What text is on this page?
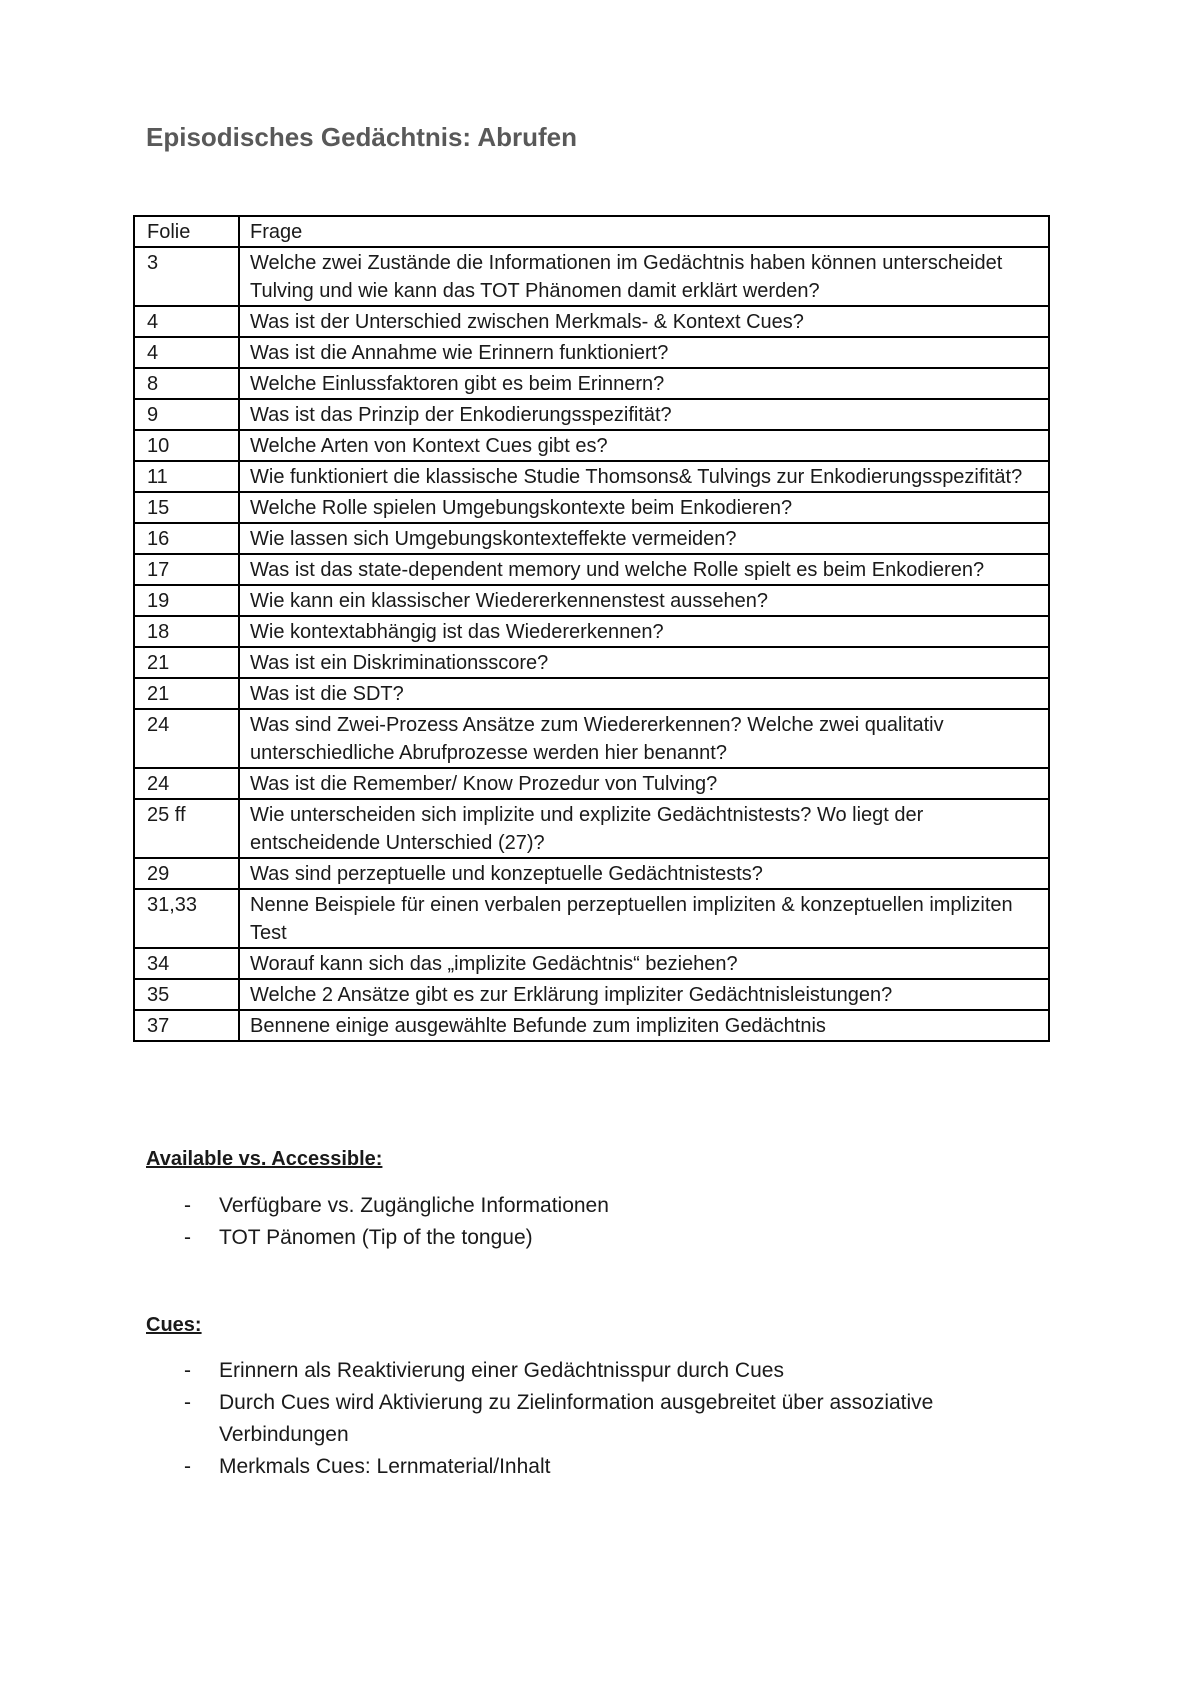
Episodisches Gedächtnis: Abrufen
Folie	Frage
3	Welche zwei Zustände die Informationen im Gedächtnis haben können unterscheidet Tulving und wie kann das TOT Phänomen damit erklärt werden?
4	Was ist der Unterschied zwischen Merkmals- & Kontext Cues?
4	Was ist die Annahme wie Erinnern funktioniert?
8	Welche Einlussfaktoren gibt es beim Erinnern?
9	Was ist das Prinzip der Enkodierungsspezifität?
10	Welche Arten von Kontext Cues gibt es?
11	Wie funktioniert die klassische Studie Thomsons& Tulvings zur Enkodierungsspezifität?
15	Welche Rolle spielen Umgebungskontexte beim Enkodieren?
16	Wie lassen sich Umgebungskontexteffekte vermeiden?
17	Was ist das state-dependent memory und welche Rolle spielt es beim Enkodieren?
19	Wie kann ein klassischer Wiedererkennenstest aussehen?
18	Wie kontextabhängig ist das Wiedererkennen?
21	Was ist ein Diskriminationsscore?
21	Was ist die SDT?
24	Was sind Zwei-Prozess Ansätze zum Wiedererkennen? Welche zwei qualitativ unterschiedliche Abrufprozesse werden hier benannt?
24	Was ist die Remember/ Know Prozedur von Tulving?
25 ff	Wie unterscheiden sich implizite und explizite Gedächtnistests? Wo liegt der entscheidende Unterschied (27)?
29	Was sind perzeptuelle und konzeptuelle Gedächtnistests?
31,33	Nenne Beispiele für einen verbalen perzeptuellen impliziten & konzeptuellen impliziten Test
34	Worauf kann sich das „implizite Gedächtnis“ beziehen?
35	Welche 2 Ansätze gibt es zur Erklärung impliziter Gedächtnisleistungen?
37	Bennene einige ausgewählte Befunde zum impliziten Gedächtnis
Available vs. Accessible:
- Verfügbare vs. Zugängliche Informationen
- TOT Pänomen (Tip of the tongue)
Cues:
- Erinnern als Reaktivierung einer Gedächtnisspur durch Cues
- Durch Cues wird Aktivierung zu Zielinformation ausgebreitet über assoziative Verbindungen
- Merkmals Cues: Lernmaterial/Inhalt
